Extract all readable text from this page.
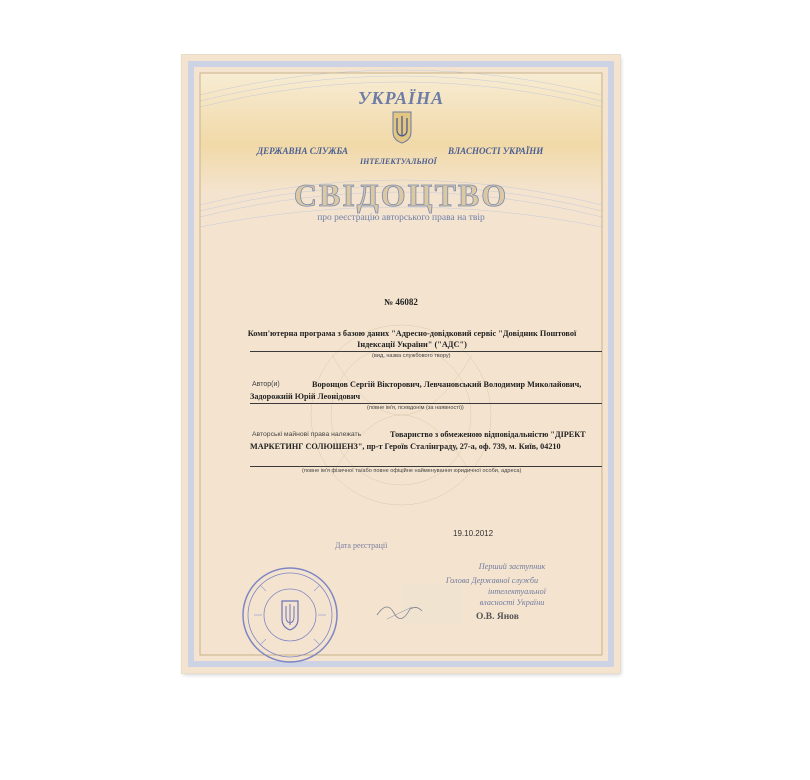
УКРАЇНА
ДЕРЖАВНА СЛУЖБА	ВЛАСНОСТІ УКРАЇНИ
ІНТЕЛЕКТУАЛЬНОЇ
СВІДОЦТВО
про реєстрацію авторського права на твір
№ 46082
Комп'ютерна програма з базою даних "Адресно-довідковий сервіс "Довідник Поштової Індексації України" ("АДС")
(вид, назва службового твору)
Воронцов Сергій Вікторович, Левчановський Володимир Миколайович, Задорожній Юрій Леонідович
Автор(и)
(повне ім'я, псевдонім (за наявності))
Товариство з обмеженою відповідальністю "ДІРЕКТ МАРКЕТИНГ СОЛЮШЕНЗ", пр-т Героїв Сталінграду, 27-а, оф. 739, м. Київ, 04210
Авторські майнові права належать
(повне ім'я фізичної та/або повне офіційне найменування юридичної особи, адреса)
19.10.2012
Дата реєстрації
Перший заступник
Голова Державної служби
інтелектуальної
власності України
О.В. Янов
